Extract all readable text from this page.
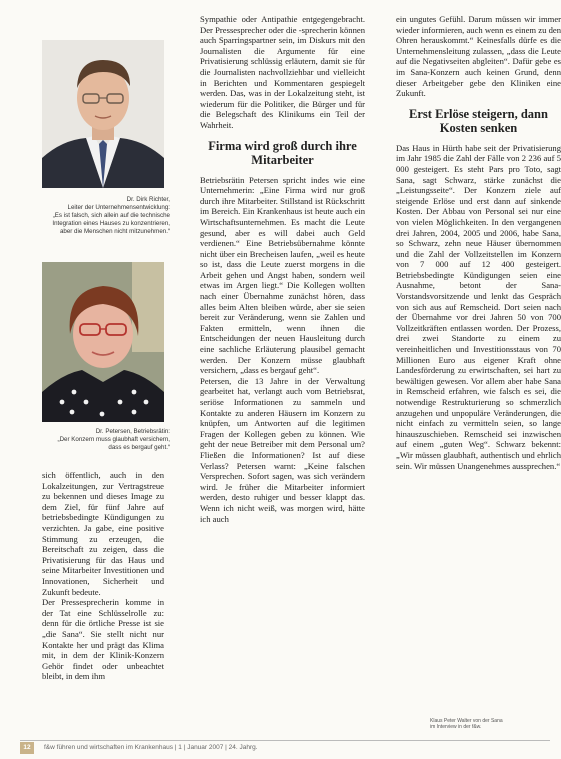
Dr. Dirk Richter,
Leiter der Unternehmensentwicklung:
„Es ist falsch, sich allein auf die technische
Integration eines Hauses zu konzentrieren,
aber die Menschen nicht mitzunehmen.“
Dr. Petersen, Betriebsrätin:
„Der Konzern muss glaubhaft versichern,
dass es bergauf geht.“

sich öffentlich, auch in den Lokalzeitungen, zur Vertragstreue zu bekennen und dieses Image zu dem Ziel, für fünf Jahre auf betriebsbedingte Kündigungen zu verzichten. Ja gabe, eine positive Stimmung zu erzeugen, die Bereitschaft zu zeigen, dass die Privatisierung für das Haus und seine Mitarbeiter Investitionen und Innovationen, Sicherheit und Zukunft bedeute.

Der Pressesprecherin komme in der Tat eine Schlüsselrolle zu: denn für die örtliche Presse ist sie „die Sana“. Sie stellt nicht nur Kontakte her und prägt das Klima mit, in dem der Klinik-Konzern Gehör findet oder unbeachtet bleibt, in dem ihm

Sympathie oder Antipathie entgegengebracht. Der Pressesprecher oder die -sprecherin können auch Sparringspartner sein, im Diskurs mit den Journalisten die Argumente für eine Privatisierung schlüssig erläutern, damit sie für die Journalisten nachvollziehbar und vielleicht in Berichten und Kommentaren gespiegelt werden. Das, was in der Lokalzeitung steht, ist wiederum für die Politiker, die Bürger und für die Belegschaft des Klinikums ein Teil der Wahrheit.

Firma wird groß durch ihre Mitarbeiter

Betriebsrätin Petersen spricht indes wie eine Unternehmerin: „Eine Firma wird nur groß durch ihre Mitarbeiter. Stillstand ist Rückschritt im Bereich. Ein Krankenhaus ist heute auch ein Wirtschaftsunternehmen. Es macht die Leute gesund, aber es will dabei auch Geld verdienen.“ Eine Betriebsübernahme könnte nicht über ein Brecheisen laufen, „weil es heute so ist, dass die Leute zuerst morgens in die Arbeit gehen und Angst haben, sondern weil etwas im Argen liegt.“ Die Kollegen wollten nach einer Übernahme zunächst hören, dass alles beim Alten bleiben würde, aber sie seien bereit zur Veränderung, wenn sie Zahlen und Fakten ermitteln, wenn ihnen die Entscheidungen der neuen Hausleitung durch eine sachliche Erläuterung plausibel gemacht werden. Der Konzern müsse glaubhaft versichern, „dass es bergauf geht“.

Petersen, die 13 Jahre in der Verwaltung gearbeitet hat, verlangt auch vom Betriebsrat, seriöse Informationen zu sammeln und Kontakte zu anderen Häusern im Konzern zu knüpfen, um Antworten auf die legitimen Fragen der Kollegen geben zu können. Wie geht der neue Betreiber mit dem Personal um? Fließen die Informationen? Ist auf diese Verlass? Petersen warnt: „Keine falschen Versprechen. Sofort sagen, was sich verändern wird. Je früher die Mitarbeiter informiert werden, desto ruhiger und besser klappt das. Wenn ich nicht weiß, was morgen wird, hätte ich auch

ein ungutes Gefühl. Darum müssen wir immer wieder informieren, auch wenn es einem zu den Ohren herauskommt.“ Keinesfalls dürfe es die Unternehmensleitung zulassen, „dass die Leute auf die Negativseiten abgleiten“. Dafür gebe es im Sana-Konzern auch keinen Grund, denn dieser Arbeitgeber gebe den Kliniken eine Zukunft.

Erst Erlöse steigern, dann Kosten senken

Das Haus in Hürth habe seit der Privatisierung im Jahr 1985 die Zahl der Fälle von 2 236 auf 5 000 gesteigert. Es steht Pars pro Toto, sagt Sana, sagt Schwarz, stärke zunächst die „Leistungsseite“. Der Konzern ziele auf steigende Erlöse und erst dann auf sinkende Kosten. Der Abbau von Personal sei nur eine von vielen Möglichkeiten. In den vergangenen drei Jahren, 2004, 2005 und 2006, habe Sana, so Schwarz, zehn neue Häuser übernommen und die Zahl der Vollzeitstellen im Konzern von 7 000 auf 12 400 gesteigert. Betriebsbedingte Kündigungen seien eine Ausnahme, betont der Sana-Vorstandsvorsitzende und lenkt das Gespräch von sich aus auf Remscheid. Dort seien nach der Übernahme vor drei Jahren 50 von 700 Vollzeitkräften entlassen worden. Der Prozess, drei zwei Standorte zu einem zu vereinheitlichen und Investitionsstaus von 70 Millionen Euro aus eigener Kraft ohne Landesförderung zu erwirtschaften, sei hart zu bewältigen gewesen. Vor allem aber habe Sana in Remscheid erfahren, wie falsch es sei, die notwendige Restrukturierung so schmerzlich anzugehen und unpopuläre Veränderungen, die nicht einfach zu vermitteln seien, so lange hinauszuschieben. Remscheid sei inzwischen auf einem „guten Weg“. Schwarz bekennt: „Wir müssen glaubhaft, authentisch und ehrlich sein. Wir müssen Unangenehmes aussprechen.“

Klaus Peter Walter von der Sana
im Interview in der f&w.
12	f&w führen und wirtschaften im Krankenhaus | 1 | Januar 2007 | 24. Jahrg.
